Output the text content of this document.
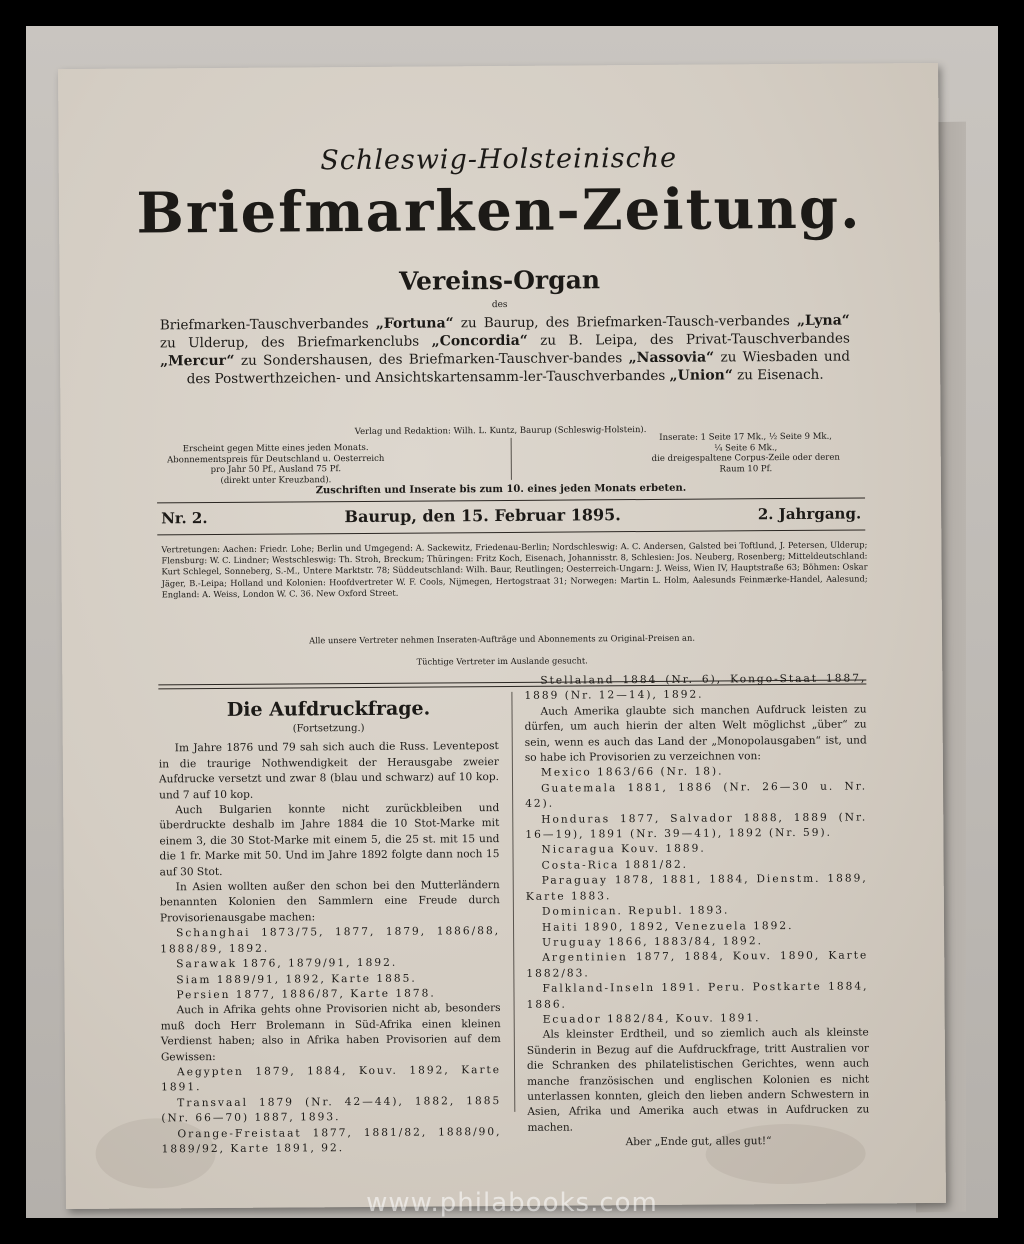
Schleswig-Holsteinische
Briefmarken-Zeitung.
Vereins-Organ
des
Briefmarken-Tauschverbandes „Fortuna“ zu Baurup, des Briefmarken-Tausch-verbandes „Lyna“ zu Ulderup, des Briefmarkenclubs „Concordia“ zu B. Leipa, des Privat-Tauschverbandes „Mercur“ zu Sondershausen, des Briefmarken-Tauschver-bandes „Nassovia“ zu Wiesbaden und des Postwerthzeichen- und Ansichtskartensamm-ler-Tauschverbandes „Union“ zu Eisenach.
Verlag und Redaktion: Wilh. L. Kuntz, Baurup (Schleswig-Holstein).
Erscheint gegen Mitte eines jeden Monats.
Abonnementspreis für Deutschland u. Oesterreich
pro Jahr 50 Pf., Ausland 75 Pf.
(direkt unter Kreuzband).
Inserate: 1 Seite 17 Mk., ½ Seite 9 Mk.,
¼ Seite 6 Mk.,
die dreigespaltene Corpus-Zeile oder deren
Raum 10 Pf.
Zuschriften und Inserate bis zum 10. eines jeden Monats erbeten.
Nr. 2.	Baurup, den 15. Februar 1895.	2. Jahrgang.
Vertretungen: Aachen: Friedr. Lohe; Berlin und Umgegend: A. Sackewitz, Friedenau-Berlin; Nordschleswig: A. C. Andersen, Galsted bei Toftlund, J. Petersen, Ulderup; Flensburg: W. C. Lindner; Westschleswig: Th. Stroh, Breckum; Thüringen: Fritz Koch, Eisenach, Johannisstr. 8, Schlesien: Jos. Neuberg, Rosenberg; Mitteldeutschland: Kurt Schlegel, Sonneberg, S.-M., Untere Marktstr. 78; Süddeutschland: Wilh. Baur, Reutlingen; Oesterreich-Ungarn: J. Weiss, Wien IV, Hauptstraße 63; Böhmen: Oskar Jäger, B.-Leipa; Holland und Kolonien: Hoofdvertreter W. F. Cools, Nijmegen, Hertogstraat 31; Norwegen: Martin L. Holm, Aalesunds Feinmærke-Handel, Aalesund; England: A. Weiss, London W. C. 36. New Oxford Street.
Alle unsere Vertreter nehmen Inseraten-Aufträge und Abonnements zu Original-Preisen an.
Tüchtige Vertreter im Auslande gesucht.
Die Aufdruckfrage.
(Fortsetzung.)

Im Jahre 1876 und 79 sah sich auch die Russ. Leventepost in die traurige Nothwendigkeit der Herausgabe zweier Aufdrucke versetzt und zwar 8 (blau und schwarz) auf 10 kop. und 7 auf 10 kop.

Auch Bulgarien konnte nicht zurückbleiben und überdruckte deshalb im Jahre 1884 die 10 Stot-Marke mit einem 3, die 30 Stot-Marke mit einem 5, die 25 st. mit 15 und die 1 fr. Marke mit 50. Und im Jahre 1892 folgte dann noch 15 auf 30 Stot.

In Asien wollten außer den schon bei den Mutterländern benannten Kolonien den Sammlern eine Freude durch Provisorienausgabe machen:

Schanghai 1873/75, 1877, 1879, 1886/88, 1888/89, 1892.

Sarawak 1876, 1879/91, 1892.

Siam 1889/91, 1892, Karte 1885.

Persien 1877, 1886/87, Karte 1878.

Auch in Afrika gehts ohne Provisorien nicht ab, besonders muß doch Herr Brolemann in Süd-Afrika einen kleinen Verdienst haben; also in Afrika haben Provisorien auf dem Gewissen:

Aegypten 1879, 1884, Kouv. 1892, Karte 1891.

Transvaal 1879 (Nr. 42—44), 1882, 1885 (Nr. 66—70) 1887, 1893.

Orange-Freistaat 1877, 1881/82, 1888/90, 1889/92, Karte 1891, 92.

Stellaland 1884 (Nr. 6), Kongo-Staat 1887, 1889 (Nr. 12—14), 1892.

Auch Amerika glaubte sich manchen Aufdruck leisten zu dürfen, um auch hierin der alten Welt möglichst „über“ zu sein, wenn es auch das Land der „Monopolausgaben“ ist, und so habe ich Provisorien zu verzeichnen von:

Mexico 1863/66 (Nr. 18).

Guatemala 1881, 1886 (Nr. 26—30 u. Nr. 42).

Honduras 1877, Salvador 1888, 1889 (Nr. 16—19), 1891 (Nr. 39—41), 1892 (Nr. 59).

Nicaragua Kouv. 1889.

Costa-Rica 1881/82.

Paraguay 1878, 1881, 1884, Dienstm. 1889, Karte 1883.

Dominican. Republ. 1893.

Haiti 1890, 1892, Venezuela 1892.

Uruguay 1866, 1883/84, 1892.

Argentinien 1877, 1884, Kouv. 1890, Karte 1882/83.

Falkland-Inseln 1891. Peru. Postkarte 1884, 1886.

Ecuador 1882/84, Kouv. 1891.

Als kleinster Erdtheil, und so ziemlich auch als kleinste Sünderin in Bezug auf die Aufdruckfrage, tritt Australien vor die Schranken des philatelistischen Gerichtes, wenn auch manche französischen und englischen Kolonien es nicht unterlassen konnten, gleich den lieben andern Schwestern in Asien, Afrika und Amerika auch etwas in Aufdrucken zu machen.

Aber „Ende gut, alles gut!“

www.philabooks.com
